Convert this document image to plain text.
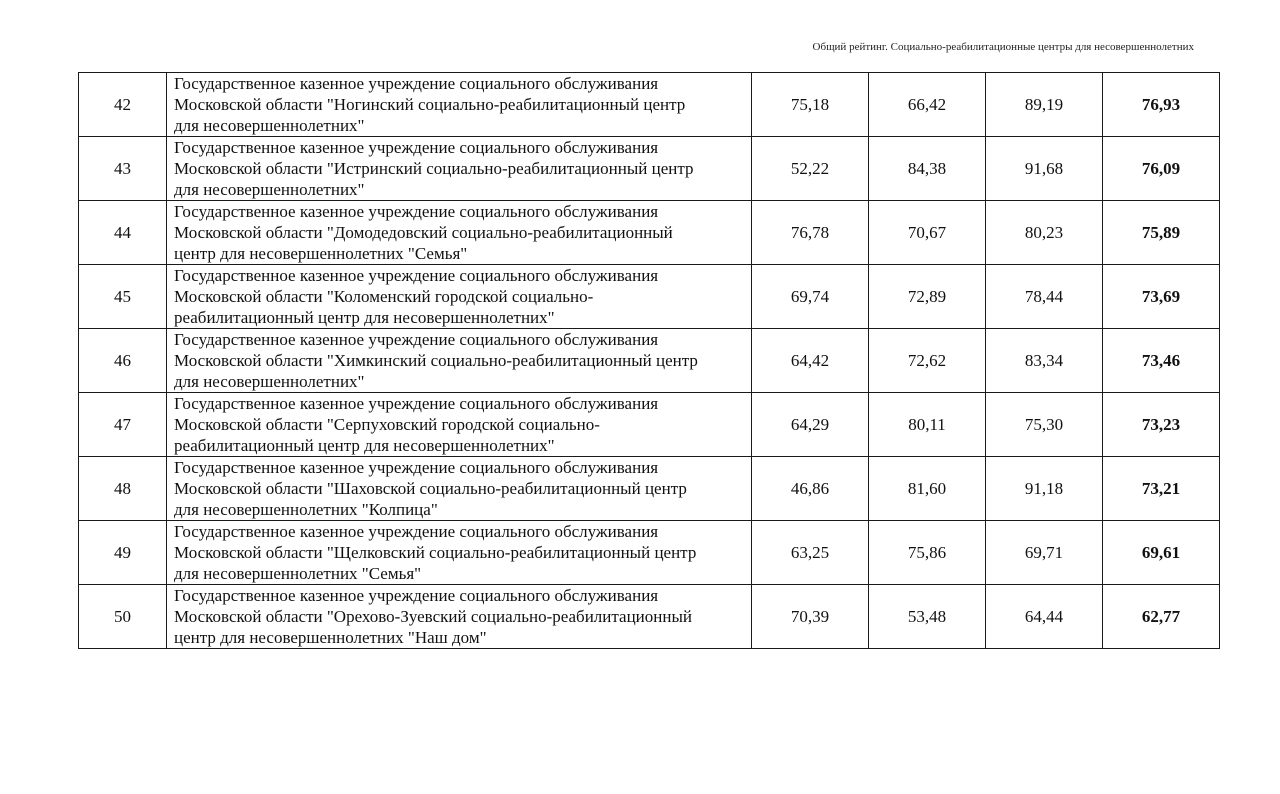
Общий рейтинг. Социально-реабилитационные центры для несовершеннолетних
42	Государственное казенное учреждение социального обслуживания
Московской области "Ногинский социально-реабилитационный центр
для несовершеннолетних"	75,18	66,42	89,19	76,93
43	Государственное казенное учреждение социального обслуживания
Московской области "Истринский социально-реабилитационный центр
для несовершеннолетних"	52,22	84,38	91,68	76,09
44	Государственное казенное учреждение социального обслуживания
Московской области "Домодедовский социально-реабилитационный
центр для несовершеннолетних "Семья"	76,78	70,67	80,23	75,89
45	Государственное казенное учреждение социального обслуживания
Московской области "Коломенский городской социально-
реабилитационный центр для несовершеннолетних"	69,74	72,89	78,44	73,69
46	Государственное казенное учреждение социального обслуживания
Московской области "Химкинский социально-реабилитационный центр
для несовершеннолетних"	64,42	72,62	83,34	73,46
47	Государственное казенное учреждение социального обслуживания
Московской области "Серпуховский городской социально-
реабилитационный центр для несовершеннолетних"	64,29	80,11	75,30	73,23
48	Государственное казенное учреждение социального обслуживания
Московской области "Шаховской социально-реабилитационный центр
для несовершеннолетних "Колпица"	46,86	81,60	91,18	73,21
49	Государственное казенное учреждение социального обслуживания
Московской области "Щелковский социально-реабилитационный центр
для несовершеннолетних "Семья"	63,25	75,86	69,71	69,61
50	Государственное казенное учреждение социального обслуживания
Московской области "Орехово-Зуевский социально-реабилитационный
центр для несовершеннолетних "Наш дом"	70,39	53,48	64,44	62,77
